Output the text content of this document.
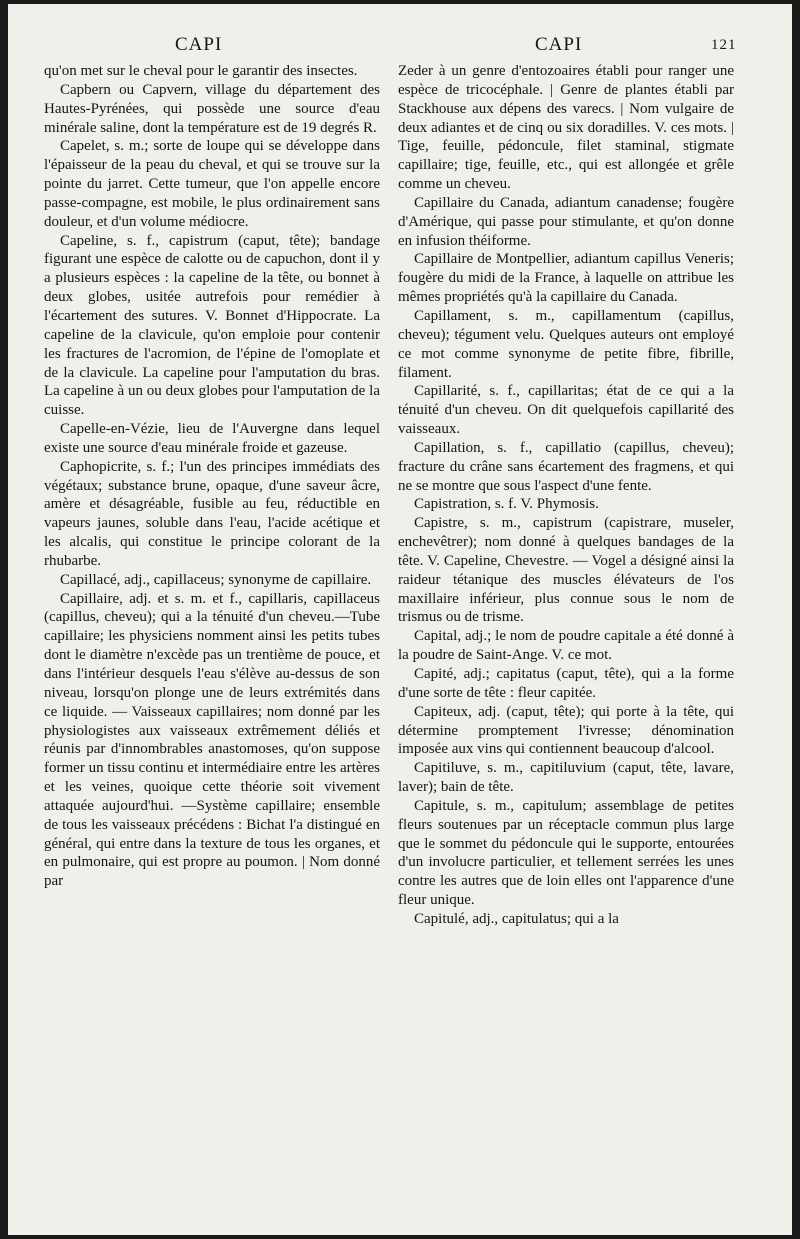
CAPI	CAPI	121

qu'on met sur le cheval pour le garantir des insectes.

Capbern ou Capvern, village du département des Hautes-Pyrénées, qui possède une source d'eau minérale saline, dont la température est de 19 degrés R.

Capelet, s. m.; sorte de loupe qui se développe dans l'épaisseur de la peau du cheval, et qui se trouve sur la pointe du jarret. Cette tumeur, que l'on appelle encore passe-compagne, est mobile, le plus ordinairement sans douleur, et d'un volume médiocre.

Capeline, s. f., capistrum (caput, tête); bandage figurant une espèce de calotte ou de capuchon, dont il y a plusieurs espèces : la capeline de la tête, ou bonnet à deux globes, usitée autrefois pour remédier à l'écartement des sutures. V. Bonnet d'Hippocrate. La capeline de la clavicule, qu'on emploie pour contenir les fractures de l'acromion, de l'épine de l'omoplate et de la clavicule. La capeline pour l'amputation du bras. La capeline à un ou deux globes pour l'amputation de la cuisse.

Capelle-en-Vézie, lieu de l'Auvergne dans lequel existe une source d'eau minérale froide et gazeuse.

Caphopicrite, s. f.; l'un des principes immédiats des végétaux; substance brune, opaque, d'une saveur âcre, amère et désagréable, fusible au feu, réductible en vapeurs jaunes, soluble dans l'eau, l'acide acétique et les alcalis, qui constitue le principe colorant de la rhubarbe.

Capillacé, adj., capillaceus; synonyme de capillaire.

Capillaire, adj. et s. m. et f., capillaris, capillaceus (capillus, cheveu); qui a la ténuité d'un cheveu.—Tube capillaire; les physiciens nomment ainsi les petits tubes dont le diamètre n'excède pas un trentième de pouce, et dans l'intérieur desquels l'eau s'élève au-dessus de son niveau, lorsqu'on plonge une de leurs extrémités dans ce liquide. — Vaisseaux capillaires; nom donné par les physiologistes aux vaisseaux extrêmement déliés et réunis par d'innombrables anastomoses, qu'on suppose former un tissu continu et intermédiaire entre les artères et les veines, quoique cette théorie soit vivement attaquée aujourd'hui. —Système capillaire; ensemble de tous les vaisseaux précédens : Bichat l'a distingué en général, qui entre dans la texture de tous les organes, et en pulmonaire, qui est propre au poumon. | Nom donné par

Zeder à un genre d'entozoaires établi pour ranger une espèce de tricocéphale. | Genre de plantes établi par Stackhouse aux dépens des varecs. | Nom vulgaire de deux adiantes et de cinq ou six doradilles. V. ces mots. | Tige, feuille, pédoncule, filet staminal, stigmate capillaire; tige, feuille, etc., qui est allongée et grêle comme un cheveu.

Capillaire du Canada, adiantum canadense; fougère d'Amérique, qui passe pour stimulante, et qu'on donne en infusion théiforme.

Capillaire de Montpellier, adiantum capillus Veneris; fougère du midi de la France, à laquelle on attribue les mêmes propriétés qu'à la capillaire du Canada.

Capillament, s. m., capillamentum (capillus, cheveu); tégument velu. Quelques auteurs ont employé ce mot comme synonyme de petite fibre, fibrille, filament.

Capillarité, s. f., capillaritas; état de ce qui a la ténuité d'un cheveu. On dit quelquefois capillarité des vaisseaux.

Capillation, s. f., capillatio (capillus, cheveu); fracture du crâne sans écartement des fragmens, et qui ne se montre que sous l'aspect d'une fente.

Capistration, s. f. V. Phymosis.

Capistre, s. m., capistrum (capistrare, museler, enchevêtrer); nom donné à quelques bandages de la tête. V. Capeline, Chevestre. — Vogel a désigné ainsi la raideur tétanique des muscles élévateurs de l'os maxillaire inférieur, plus connue sous le nom de trismus ou de trisme.

Capital, adj.; le nom de poudre capitale a été donné à la poudre de Saint-Ange. V. ce mot.

Capité, adj.; capitatus (caput, tête), qui a la forme d'une sorte de tête : fleur capitée.

Capiteux, adj. (caput, tête); qui porte à la tête, qui détermine promptement l'ivresse; dénomination imposée aux vins qui contiennent beaucoup d'alcool.

Capitiluve, s. m., capitiluvium (caput, tête, lavare, laver); bain de tête.

Capitule, s. m., capitulum; assemblage de petites fleurs soutenues par un réceptacle commun plus large que le sommet du pédoncule qui le supporte, entourées d'un involucre particulier, et tellement serrées les unes contre les autres que de loin elles ont l'apparence d'une fleur unique.

Capitulé, adj., capitulatus; qui a la
